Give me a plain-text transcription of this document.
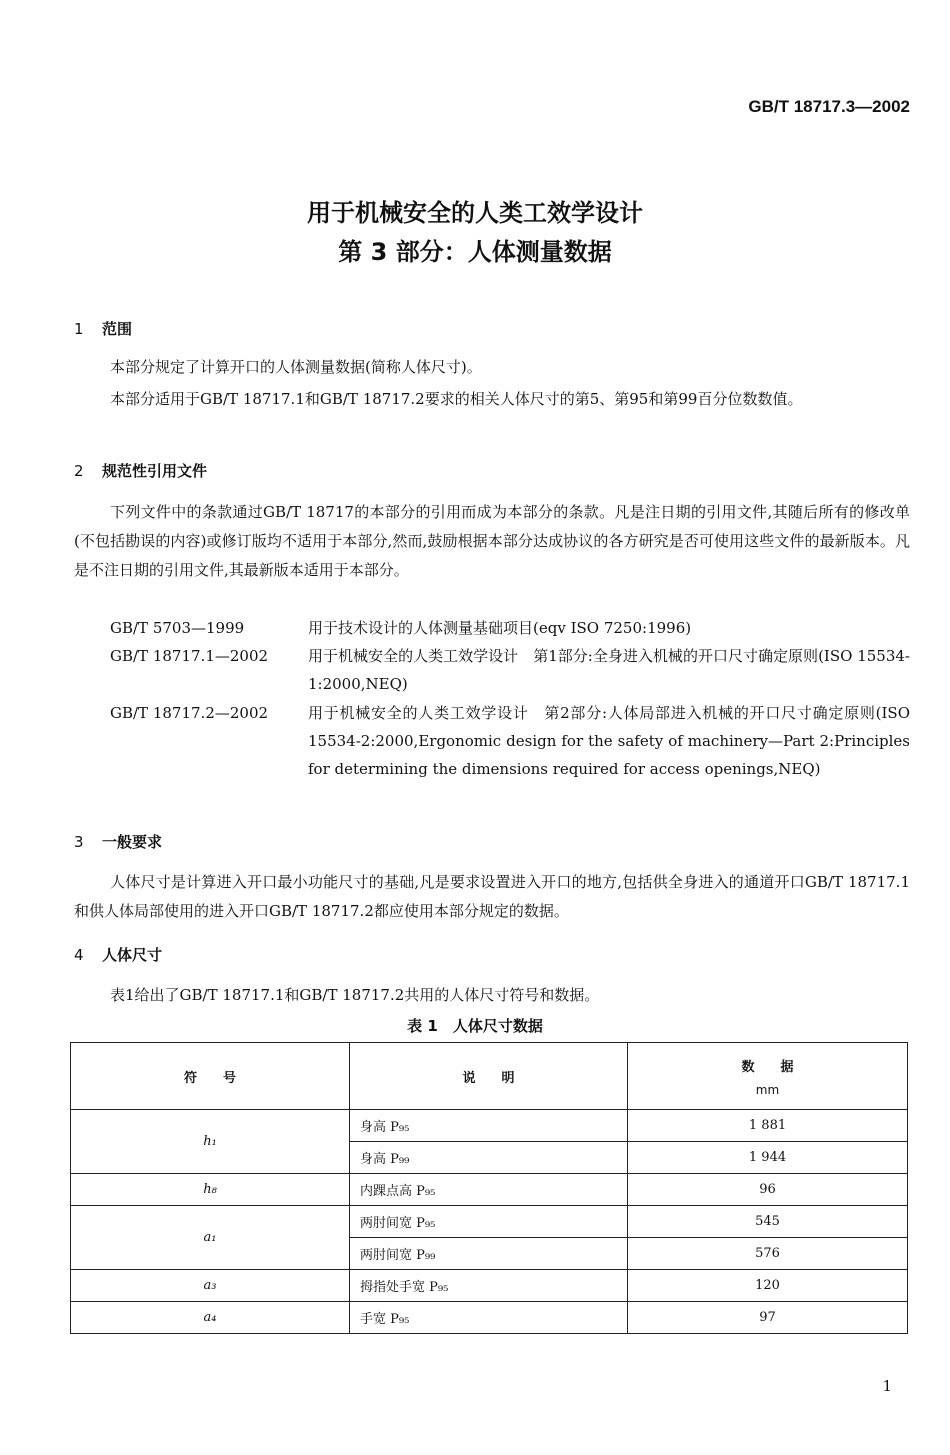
GB/T 18717.3—2002
用于机械安全的人类工效学设计
第 3 部分：人体测量数据
1 范围

本部分规定了计算开口的人体测量数据(简称人体尺寸)。

本部分适用于GB/T 18717.1和GB/T 18717.2要求的相关人体尺寸的第5、第95和第99百分位数数值。

2 规范性引用文件

下列文件中的条款通过GB/T 18717的本部分的引用而成为本部分的条款。凡是注日期的引用文件,其随后所有的修改单(不包括勘误的内容)或修订版均不适用于本部分,然而,鼓励根据本部分达成协议的各方研究是否可使用这些文件的最新版本。凡是不注日期的引用文件,其最新版本适用于本部分。

GB/T 5703—1999	用于技术设计的人体测量基础项目(eqv ISO 7250:1996)
GB/T 18717.1—2002	用于机械安全的人类工效学设计　第1部分:全身进入机械的开口尺寸确定原则(ISO 15534-1:2000,NEQ)
GB/T 18717.2—2002	用于机械安全的人类工效学设计　第2部分:人体局部进入机械的开口尺寸确定原则(ISO 15534-2:2000,Ergonomic design for the safety of machinery—Part 2:Principles for determining the dimensions required for access openings,NEQ)
3 一般要求

人体尺寸是计算进入开口最小功能尺寸的基础,凡是要求设置进入开口的地方,包括供全身进入的通道开口GB/T 18717.1和供人体局部使用的进入开口GB/T 18717.2都应使用本部分规定的数据。

4 人体尺寸

表1给出了GB/T 18717.1和GB/T 18717.2共用的人体尺寸符号和数据。

表 1　人体尺寸数据
符　　号	说　　明	数　　据
mm

h₁	身高 P₉₅	1 881
	身高 P₉₉	1 944
h₈	内踝点高 P₉₅	96
a₁	两肘间宽 P₉₅	545
	两肘间宽 P₉₉	576
a₃	拇指处手宽 P₉₅	120
a₄	手宽 P₉₅	97
1
